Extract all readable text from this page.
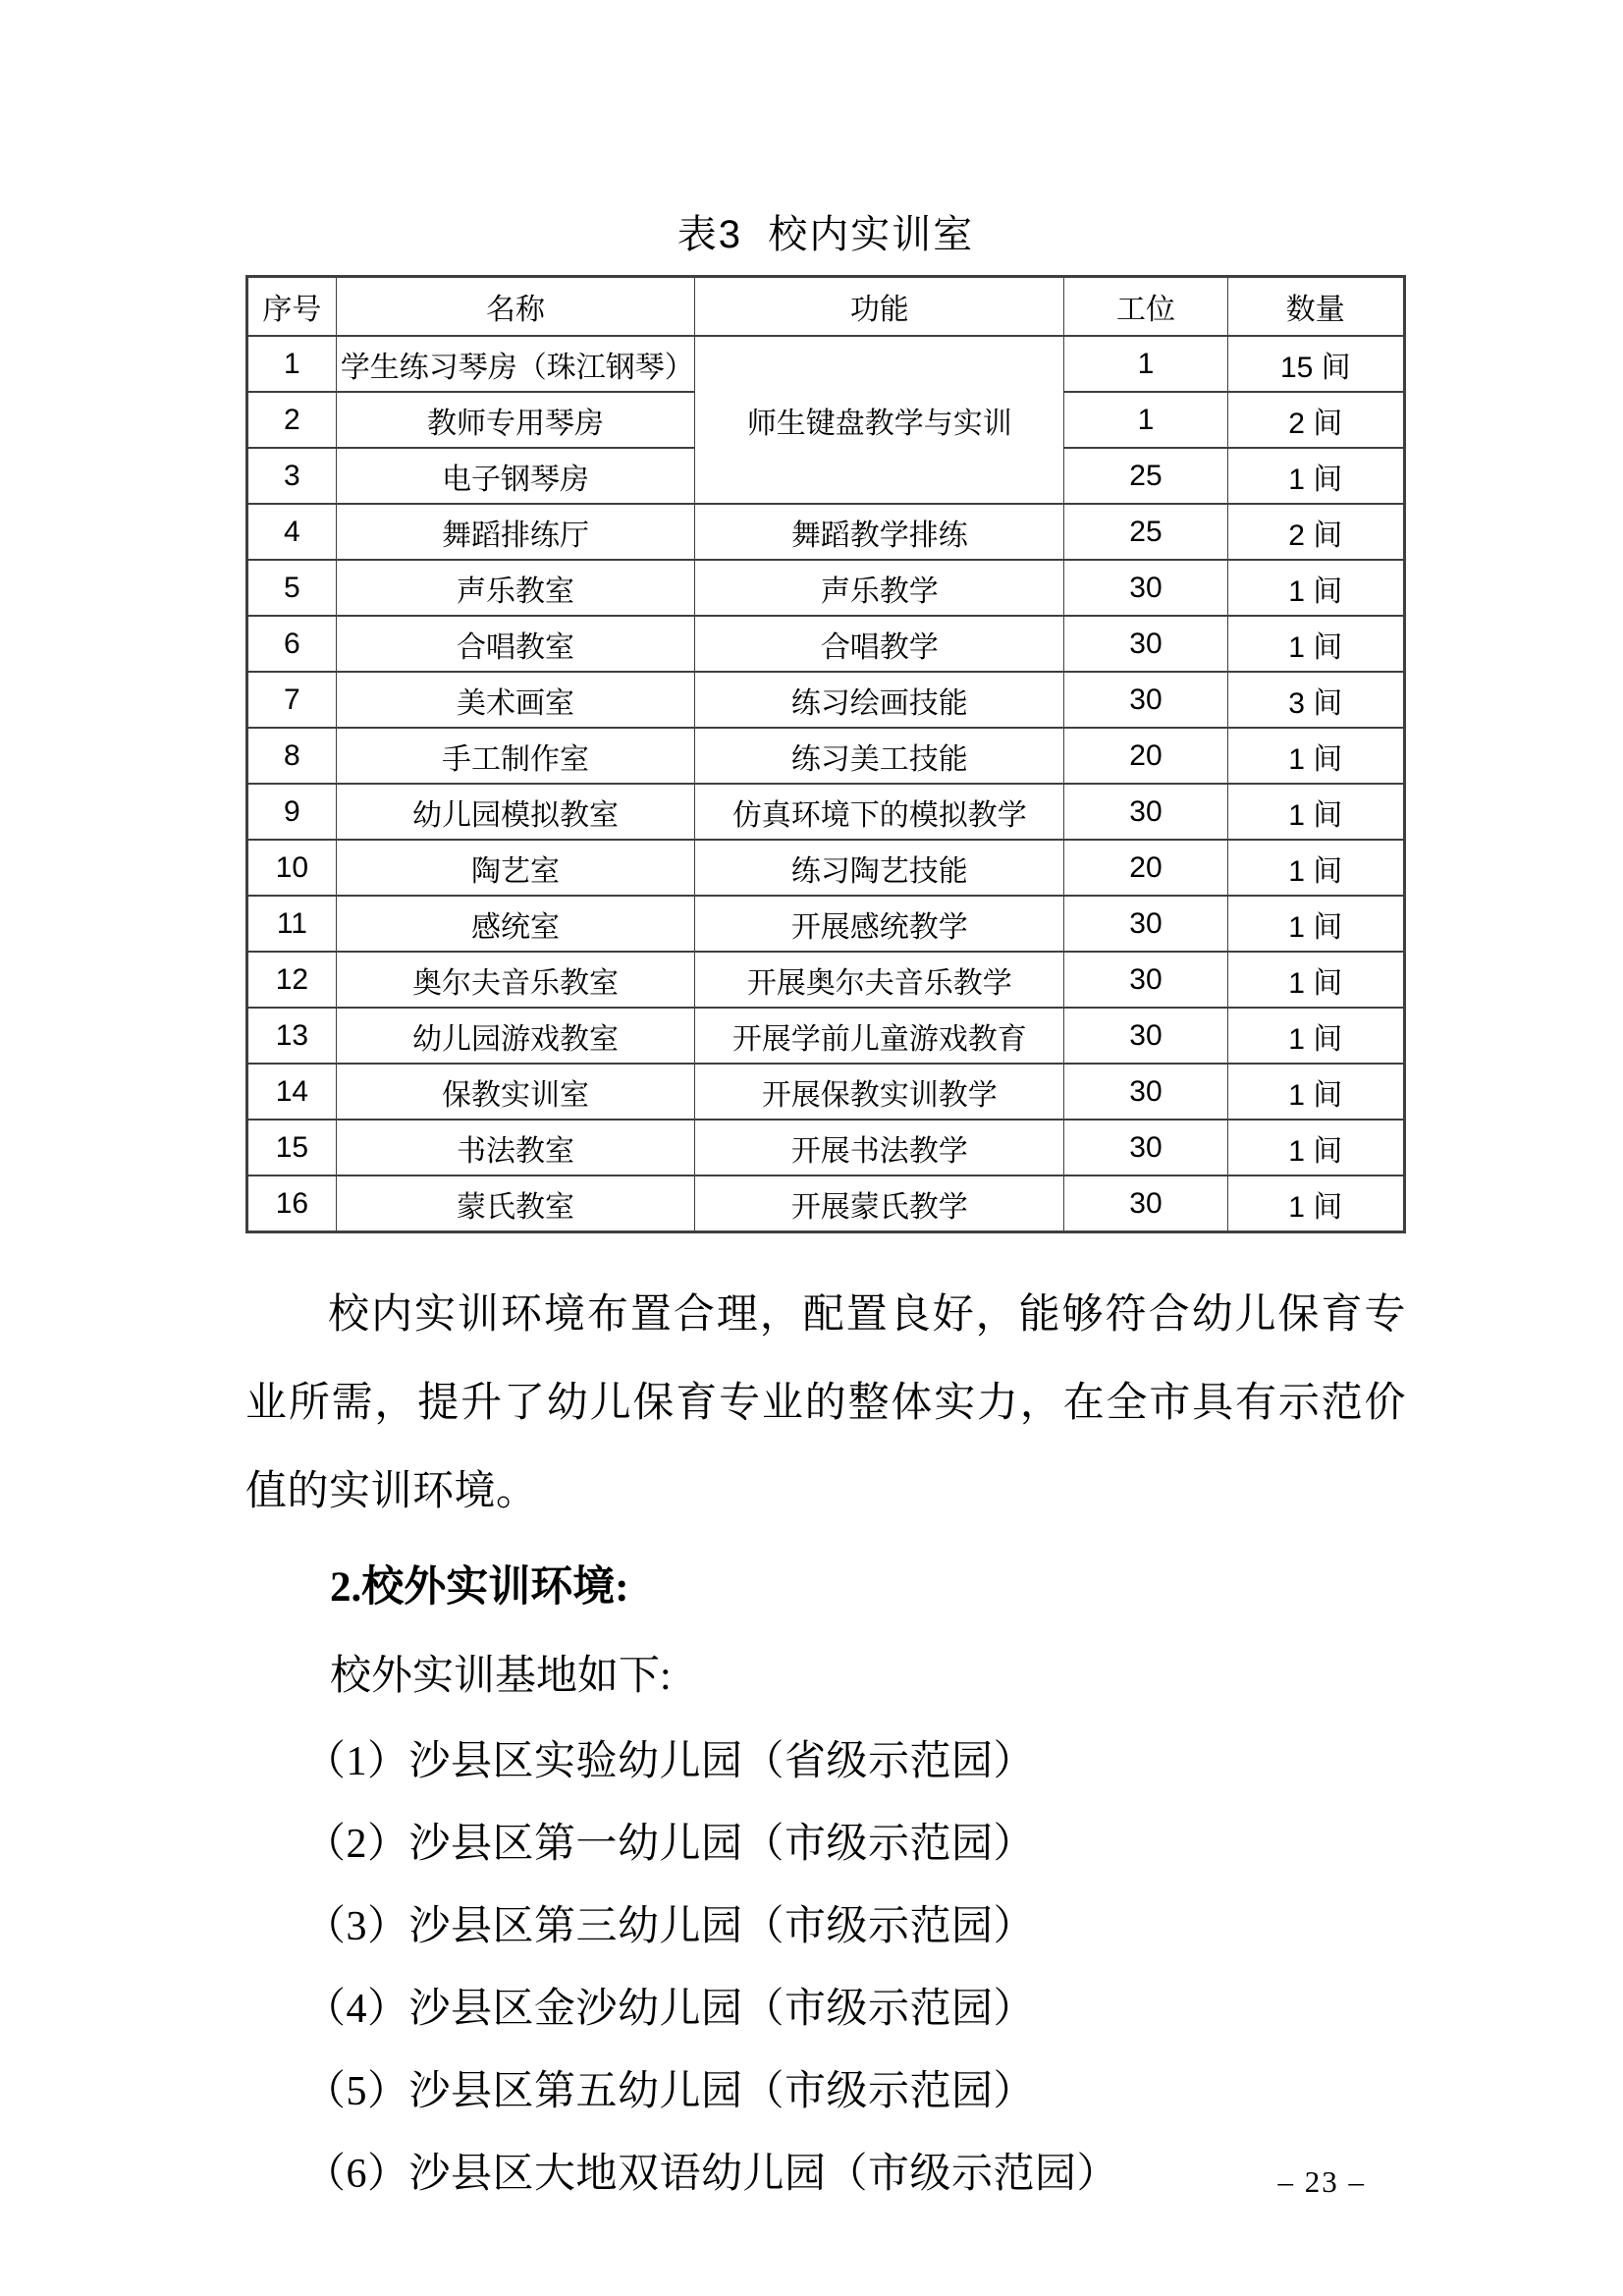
表3  校内实训室
序号	名称	功能	工位	数量
1	学生练习琴房（珠江钢琴）	师生键盘教学与实训	1	15 间
2	教师专用琴房		1	2 间
3	电子钢琴房		25	1 间
4	舞蹈排练厅	舞蹈教学排练	25	2 间
5	声乐教室	声乐教学	30	1 间
6	合唱教室	合唱教学	30	1 间
7	美术画室	练习绘画技能	30	3 间
8	手工制作室	练习美工技能	20	1 间
9	幼儿园模拟教室	仿真环境下的模拟教学	30	1 间
10	陶艺室	练习陶艺技能	20	1 间
11	感统室	开展感统教学	30	1 间
12	奥尔夫音乐教室	开展奥尔夫音乐教学	30	1 间
13	幼儿园游戏教室	开展学前儿童游戏教育	30	1 间
14	保教实训室	开展保教实训教学	30	1 间
15	书法教室	开展书法教学	30	1 间
16	蒙氏教室	开展蒙氏教学	30	1 间

校内实训环境布置合理，配置良好，能够符合幼儿保育专业所需，提升了幼儿保育专业的整体实力，在全市具有示范价值的实训环境。

2.校外实训环境:
校外实训基地如下:
（1）沙县区实验幼儿园（省级示范园）
（2）沙县区第一幼儿园（市级示范园）
（3）沙县区第三幼儿园（市级示范园）
（4）沙县区金沙幼儿园（市级示范园）
（5）沙县区第五幼儿园（市级示范园）
（6）沙县区大地双语幼儿园（市级示范园）	– 23 –
